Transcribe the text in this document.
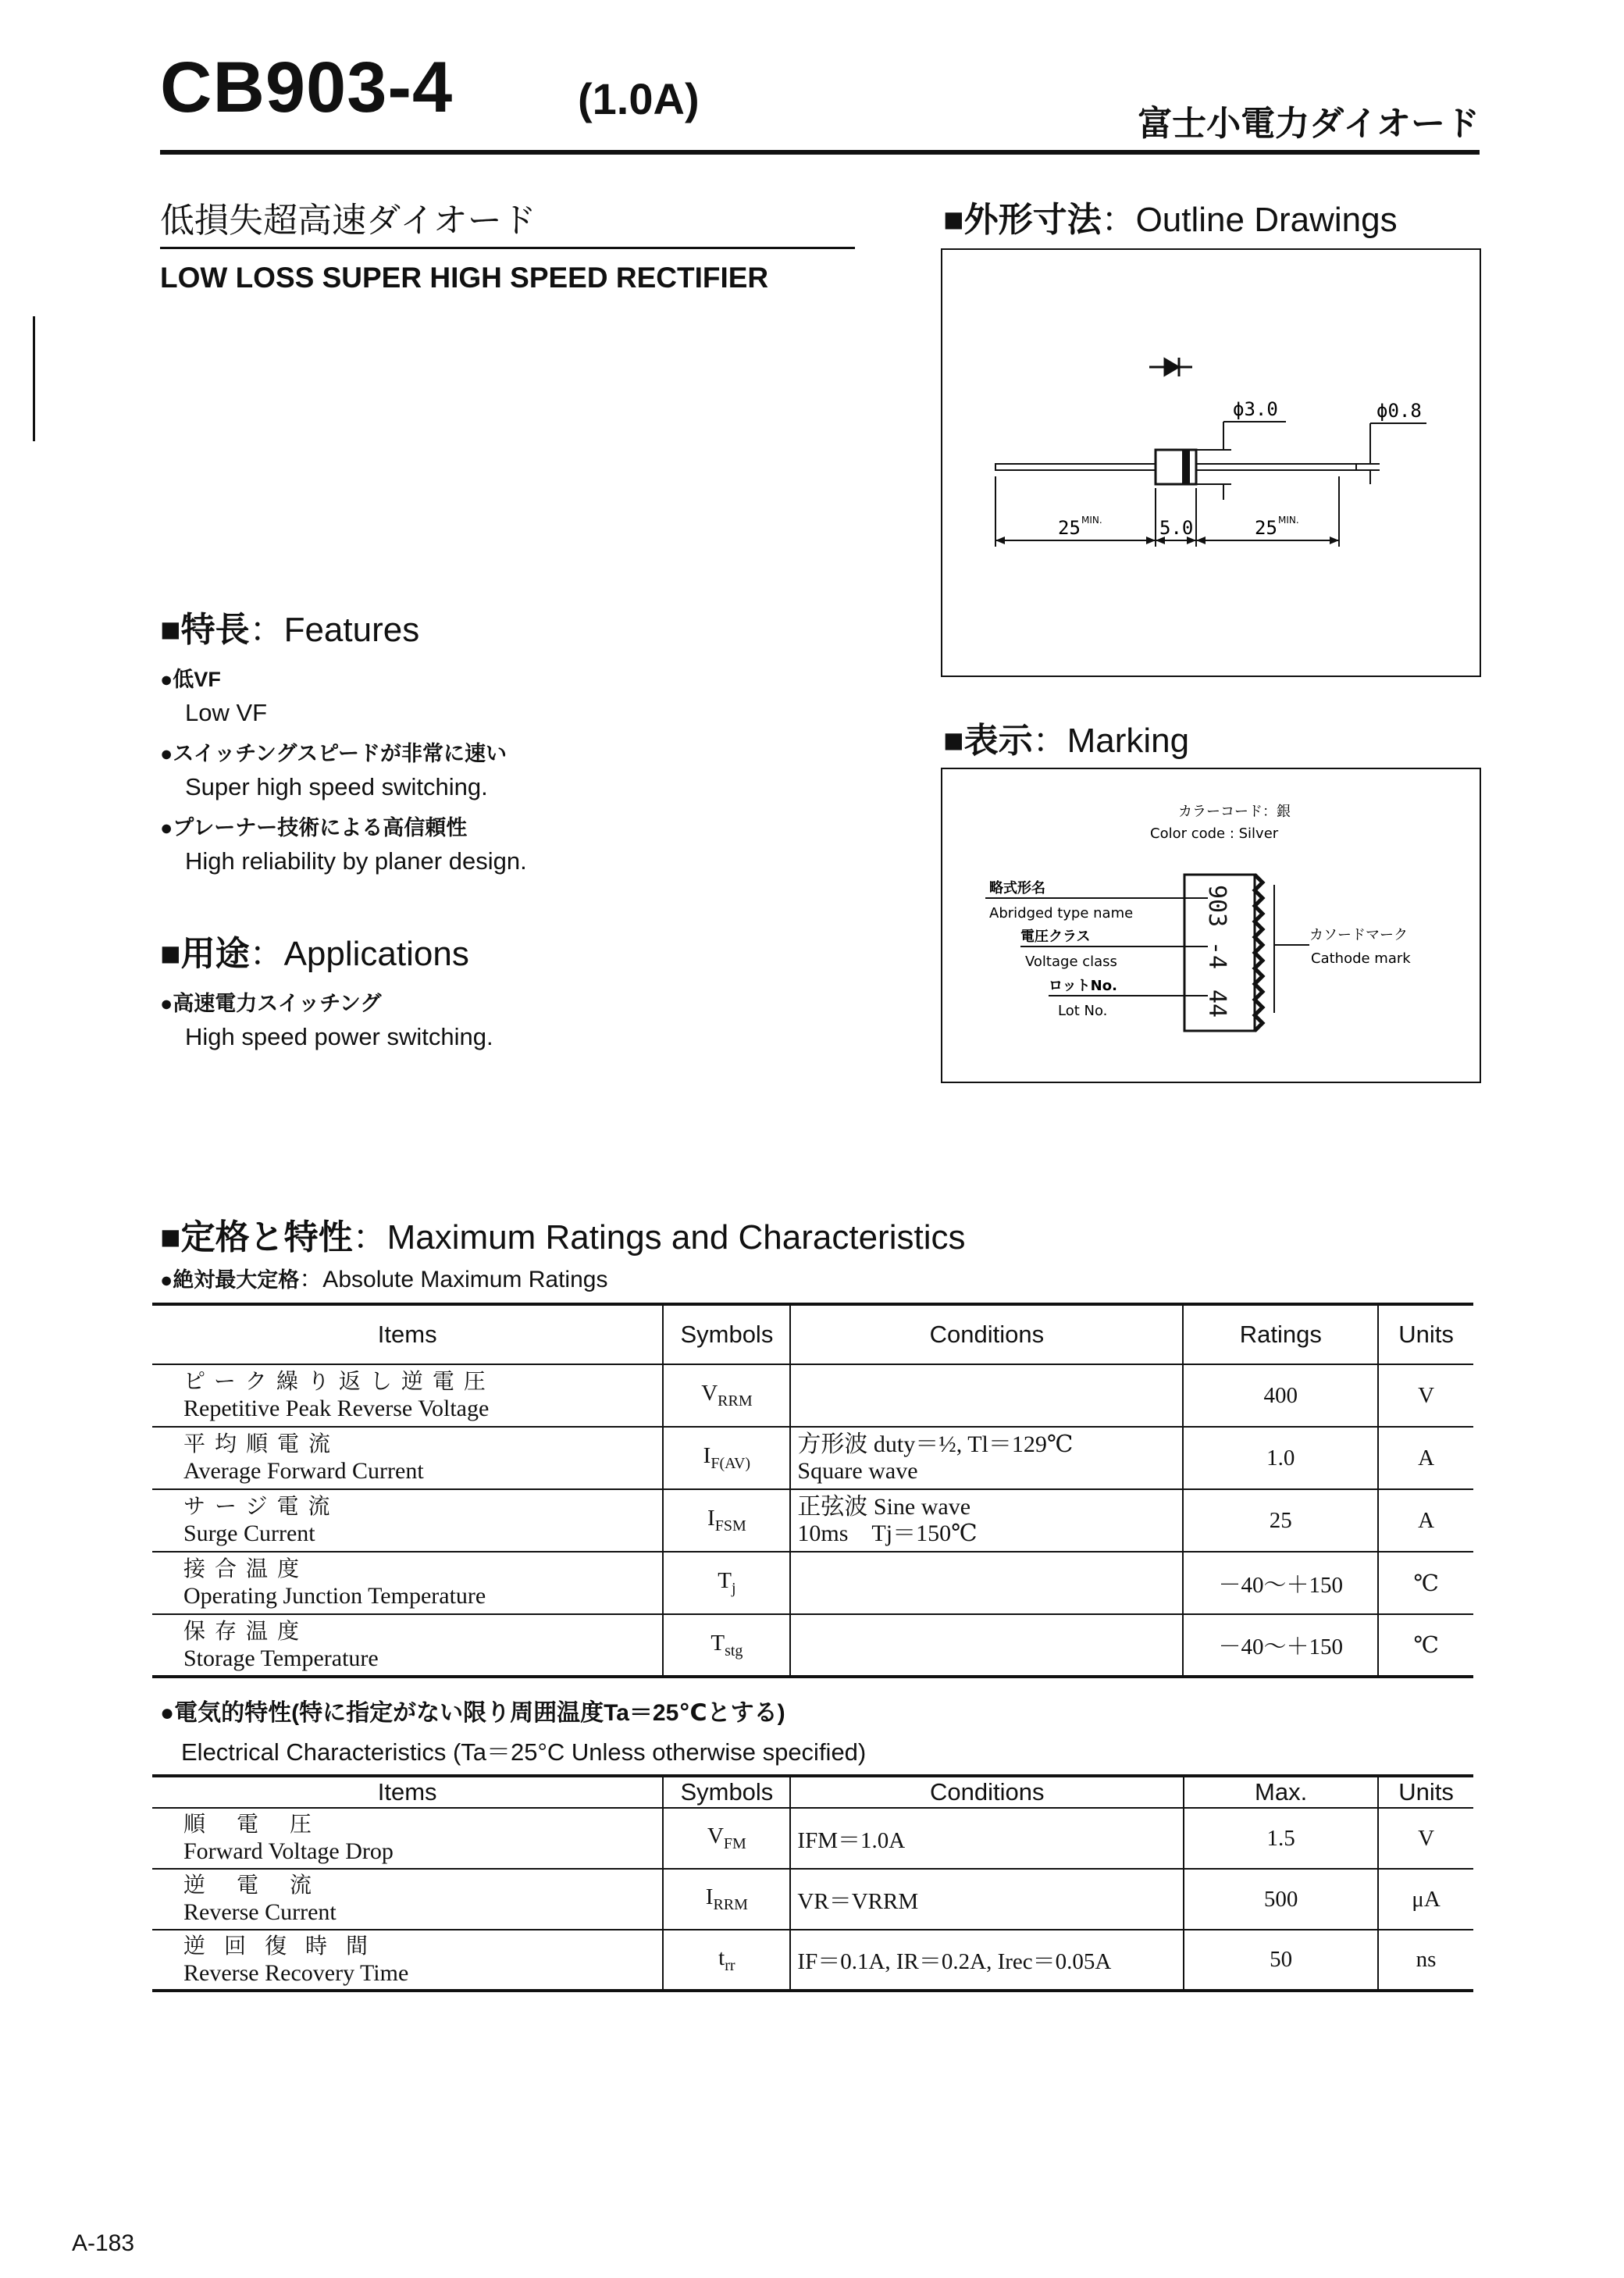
CB903-4	(1.0A)
富士小電力ダイオード
低損失超高速ダイオード
LOW LOSS SUPER HIGH SPEED RECTIFIER
■特長：Features
●低VF
Low VF
●スイッチングスピードが非常に速い
Super high speed switching.
●プレーナー技術による高信頼性
High reliability by planer design.
■用途：Applications
●高速電力スイッチング
High speed power switching.
■外形寸法：Outline Drawings
ϕ3.0	ϕ0.8
25 MIN.	5.0	25 MIN.
■表示：Marking
カラーコード：銀
Color code : Silver
903
-4
44
略式形名
Abridged type name
電圧クラス
Voltage class
ロットNo.
Lot No.
カソードマーク
Cathode mark
■定格と特性：Maximum Ratings and Characteristics
●絶対最大定格：Absolute Maximum Ratings
Items	Symbols	Conditions	Ratings	Units

ピーク繰り返し逆電圧
Repetitive Peak Reverse Voltage	$V_{RRM}$		400	V

平均順電流
Average Forward Current	$I_{F(AV)}$	方形波 duty＝½, Tl＝129℃
Square wave	1.0	A

サージ電流
Surge Current	$I_{FSM}$	正弦波 Sine wave
10ms　Tj＝150℃	25	A

接合温度
Operating Junction Temperature	$T_j$		－40～＋150	℃

保存温度
Storage Temperature	$T_{stg}$		－40～＋150	℃
●電気的特性(特に指定がない限り周囲温度Ta＝25℃とする)
Electrical Characteristics (Ta＝25°C Unless otherwise specified)
Items	Symbols	Conditions	Max.	Units

順電圧
Forward Voltage Drop	$V_{FM}$	IFM＝1.0A	1.5	V

逆電流
Reverse Current	$I_{RRM}$	VR＝VRRM	500	μA

逆回復時間
Reverse Recovery Time	$t_{rr}$	IF＝0.1A, IR＝0.2A, Irec＝0.05A	50	ns
A-183
